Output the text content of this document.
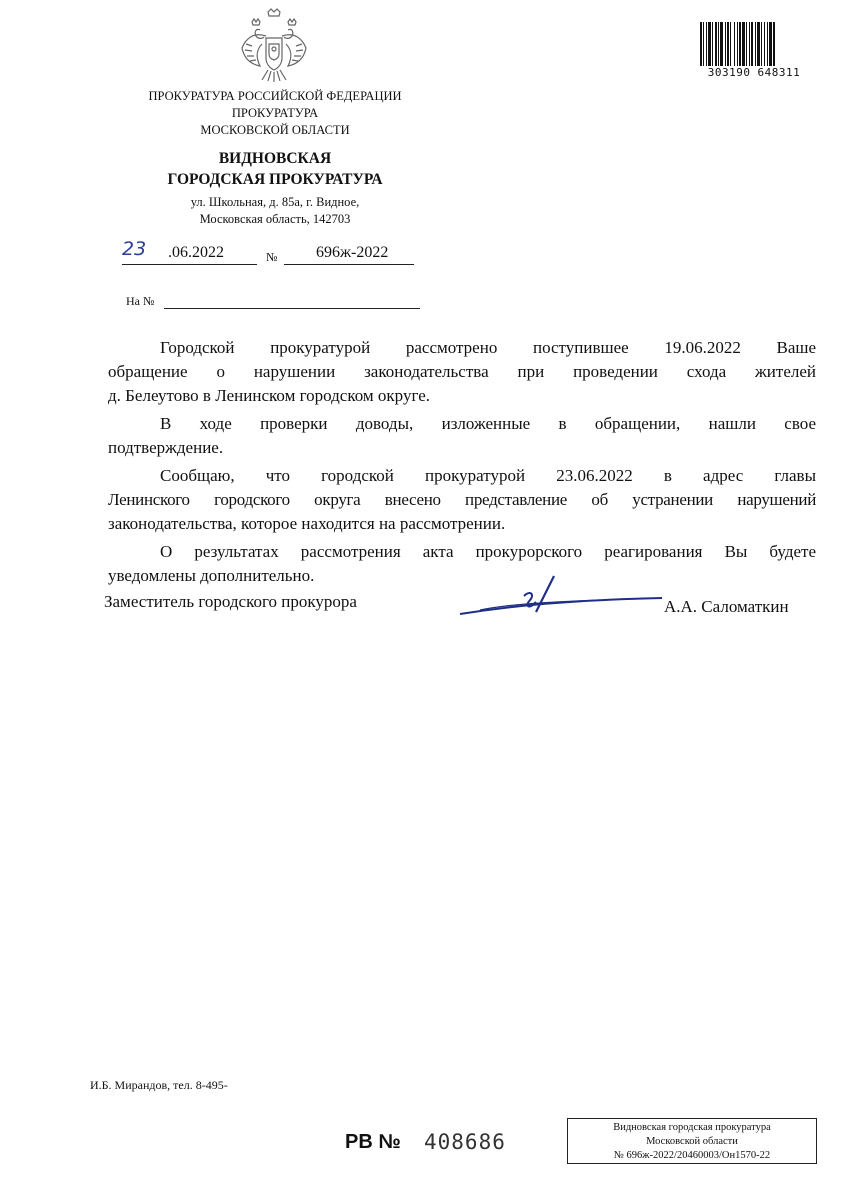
303190 648311
ПРОКУРАТУРА РОССИЙСКОЙ ФЕДЕРАЦИИ
ПРОКУРАТУРА
МОСКОВСКОЙ ОБЛАСТИ
ВИДНОВСКАЯ
ГОРОДСКАЯ ПРОКУРАТУРА
ул. Школьная, д. 85а, г. Видное,
Московская область, 142703
23 .06.2022	№ 696ж-2022
На №

Городской прокуратурой рассмотрено поступившее 19.06.2022 Ваше
обращение о нарушении законодательства при проведении схода жителей
д. Белеутово в Ленинском городском округе.

В ходе проверки доводы, изложенные в обращении, нашли свое
подтверждение.

Сообщаю, что городской прокуратурой 23.06.2022 в адрес главы
Ленинского городского округа внесено представление об устранении нарушений
законодательства, которое находится на рассмотрении.

О результатах рассмотрения акта прокурорского реагирования Вы будете
уведомлены дополнительно.

Заместитель городского прокурора	А.А. Саломаткин
И.Б. Мирандов, тел. 8-495-
РВ № 408686
Видновская городская прокуратура
Московской области
№ 696ж-2022/20460003/Он1570-22
